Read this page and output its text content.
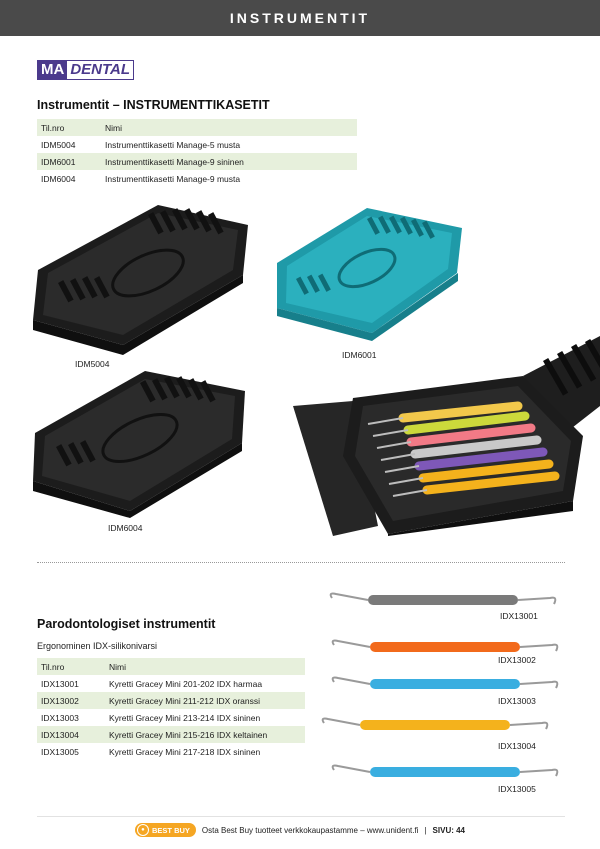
INSTRUMENTIT
MA DENTAL
Instrumentit – INSTRUMENTTIKASETIT
Til.nro	Nimi
IDM5004	Instrumenttikasetti Manage-5 musta
IDM6001	Instrumenttikasetti Manage-9 sininen
IDM6004	Instrumenttikasetti Manage-9 musta
IDM5004
IDM6001
IDM6004
Parodontologiset instrumentit
Ergonominen IDX-silikonivarsi
Til.nro	Nimi
IDX13001	Kyretti Gracey Mini 201-202 IDX harmaa
IDX13002	Kyretti Gracey Mini 211-212 IDX oranssi
IDX13003	Kyretti Gracey Mini 213-214 IDX sininen
IDX13004	Kyretti Gracey Mini 215-216 IDX keltainen
IDX13005	Kyretti Gracey Mini 217-218 IDX sininen
IDX13001
IDX13002
IDX13003
IDX13004
IDX13005
● BEST BUY Osta Best Buy tuotteet verkkokaupastamme – www.unident.fi | SIVU: 44
